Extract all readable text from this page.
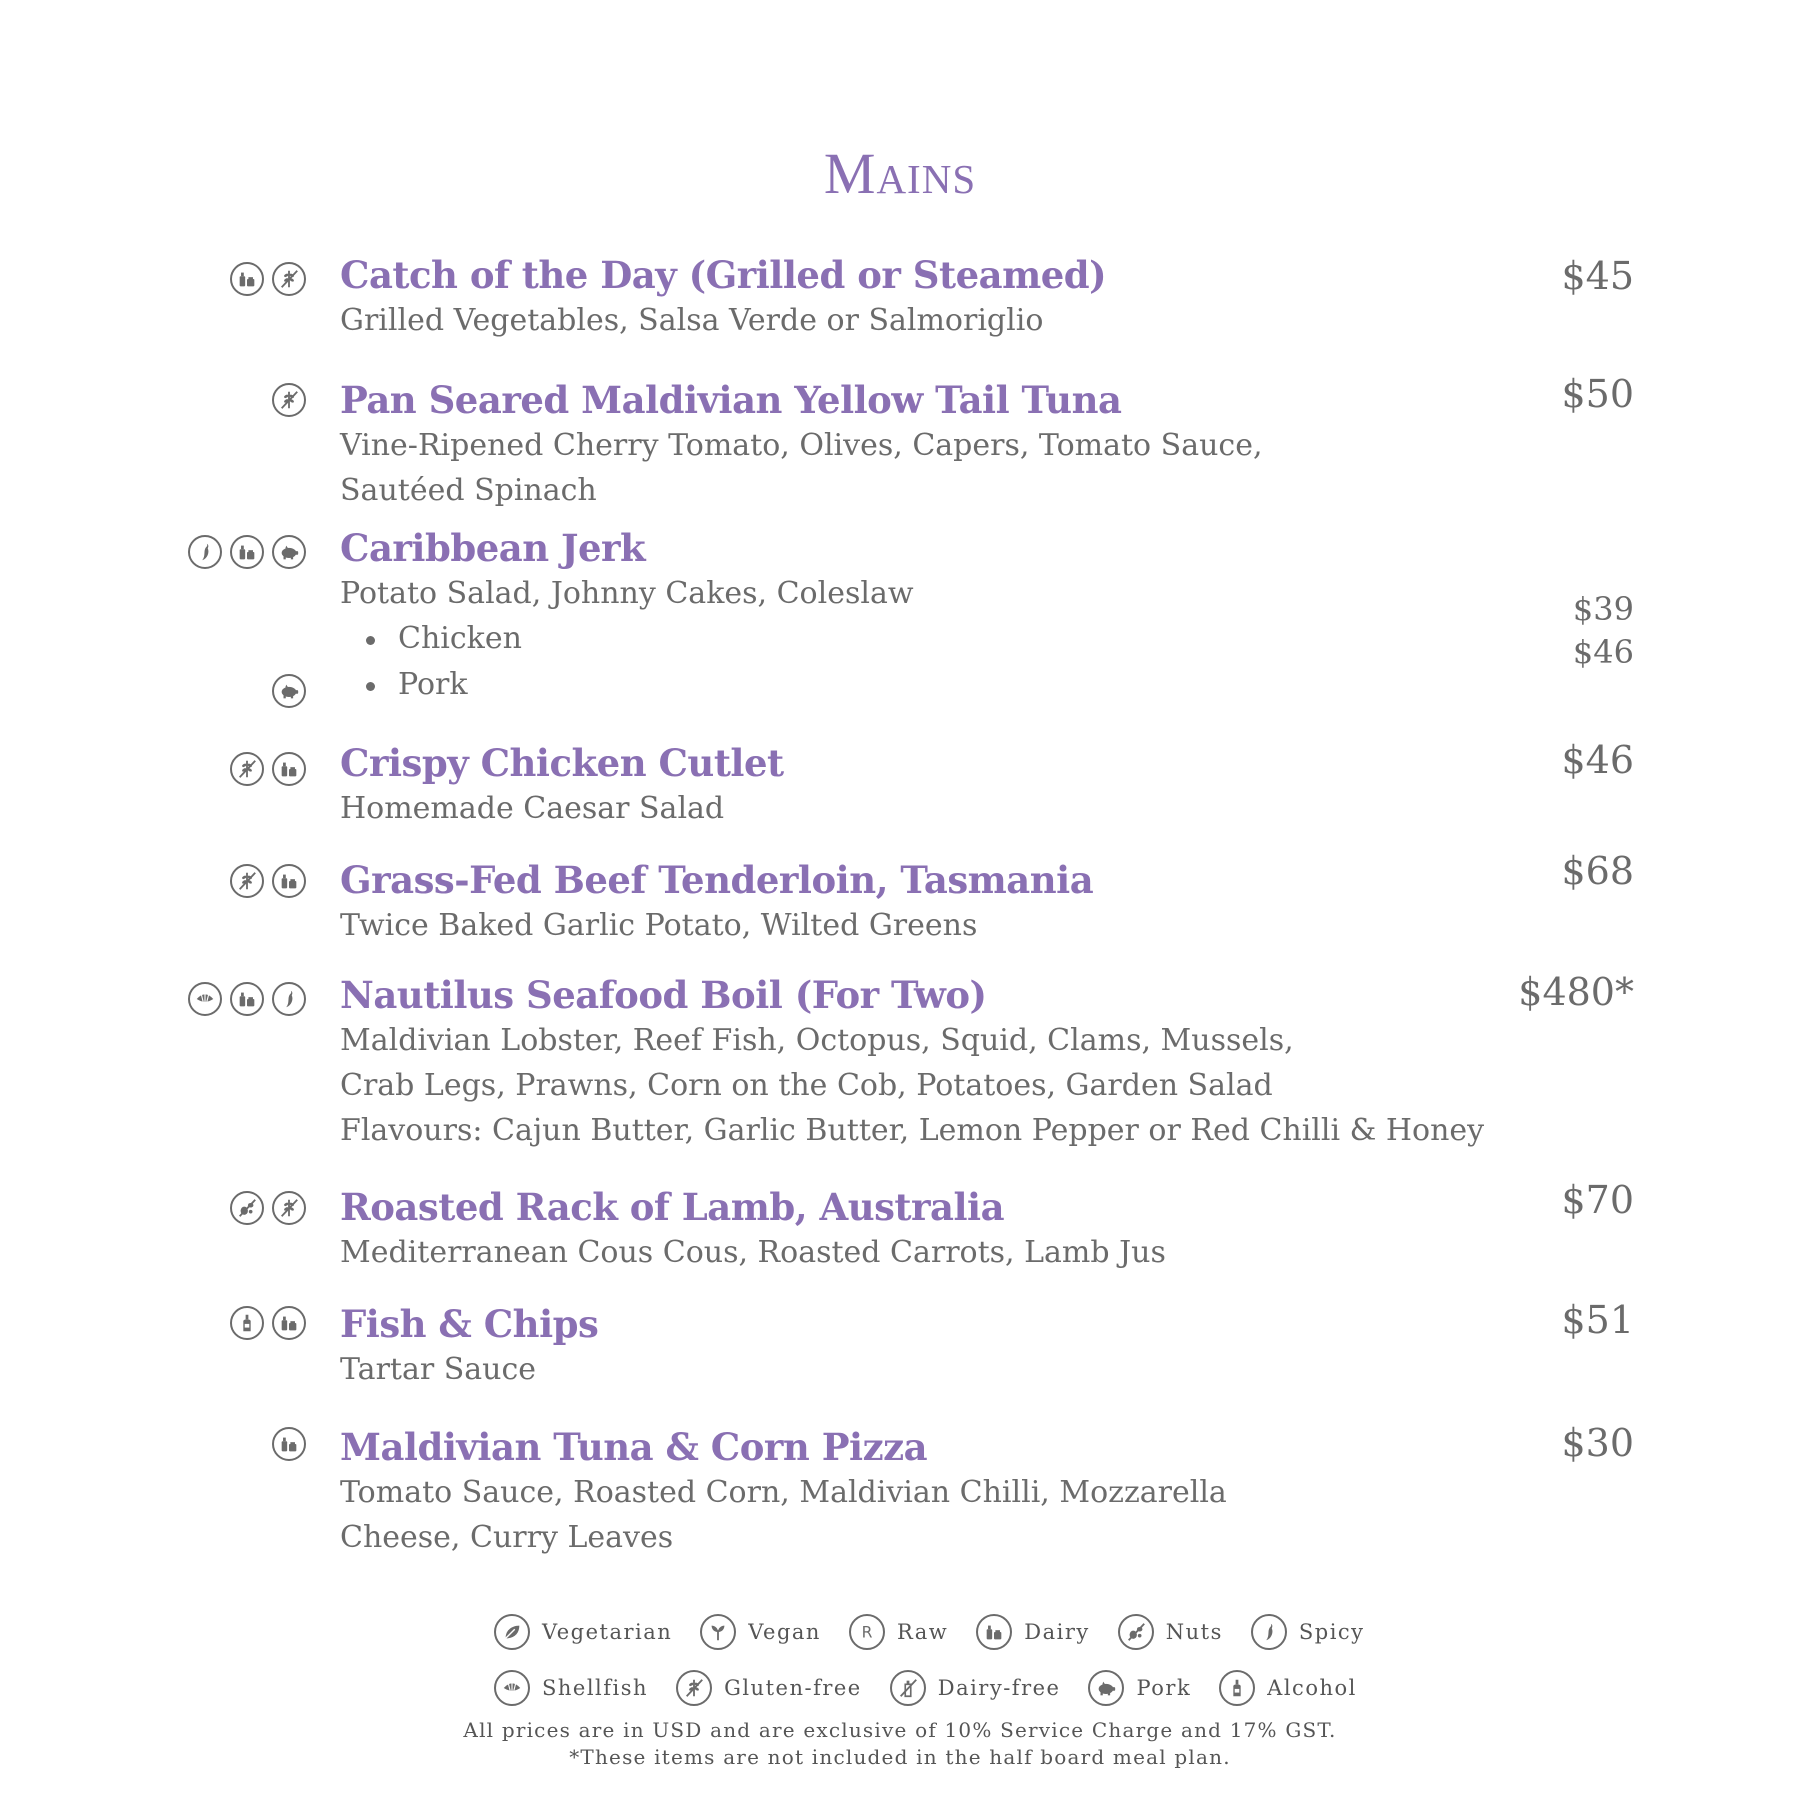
Mains
Catch of the Day (Grilled or Steamed)
Grilled Vegetables, Salsa Verde or Salmoriglio
$45
Pan Seared Maldivian Yellow Tail Tuna
Vine-Ripened Cherry Tomato, Olives, Capers, Tomato Sauce,
Sautéed Spinach
$50
Caribbean Jerk
Potato Salad, Johnny Cakes, Coleslaw
Chicken
Pork
$39
$46
Crispy Chicken Cutlet
Homemade Caesar Salad
$46
Grass-Fed Beef Tenderloin, Tasmania
Twice Baked Garlic Potato, Wilted Greens
$68
Nautilus Seafood Boil (For Two)
Maldivian Lobster, Reef Fish, Octopus, Squid, Clams, Mussels,
Crab Legs, Prawns, Corn on the Cob, Potatoes, Garden Salad
Flavours: Cajun Butter, Garlic Butter, Lemon Pepper or Red Chilli & Honey
$480*
Roasted Rack of Lamb, Australia
Mediterranean Cous Cous, Roasted Carrots, Lamb Jus
$70
Fish & Chips
Tartar Sauce
$51
Maldivian Tuna & Corn Pizza
Tomato Sauce, Roasted Corn, Maldivian Chilli, Mozzarella
Cheese, Curry Leaves
$30
Vegetarian	Vegan R Raw	Dairy	Nuts	Spicy
Shellfish	Gluten-free	Dairy-free	Pork	Alcohol
All prices are in USD and are exclusive of 10% Service Charge and 17% GST.
*These items are not included in the half board meal plan.
